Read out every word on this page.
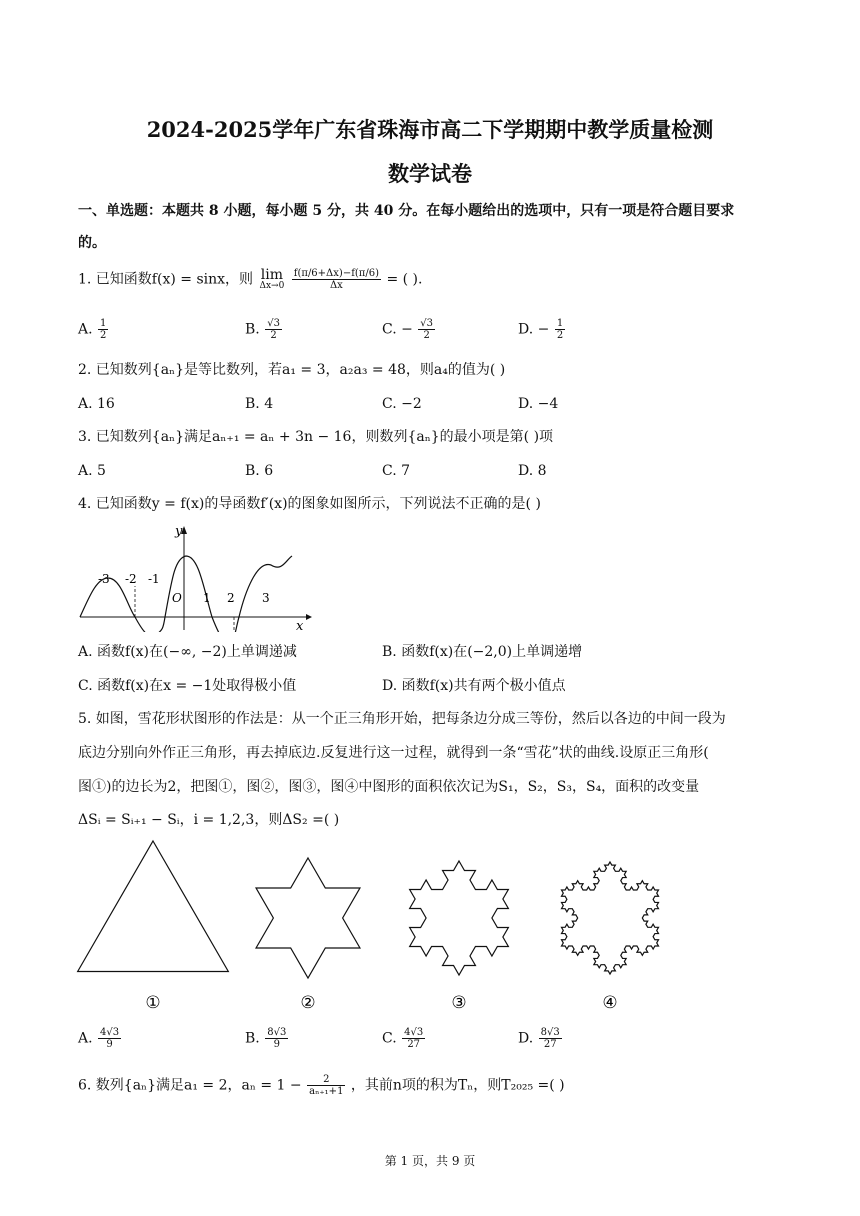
2024-2025学年广东省珠海市高二下学期期中教学质量检测
数学试卷
一、单选题：本题共 8 小题，每小题 5 分，共 40 分。在每小题给出的选项中，只有一项是符合题目要求
的。
1. 已知函数f(x) = sinx，则 lim
Δx→0
$\frac{f(\pi/6+\Delta x)-f(\pi/6)}{\Delta x}$ = ( ).
A. $\frac{1}{2}$	B. $\frac{√3}{2}$	C. − $\frac{√3}{2}$	D. − $\frac{1}{2}$
2. 已知数列{aₙ}是等比数列，若a₁ = 3，a₂a₃ = 48，则a₄的值为( )
A. 16	B. 4	C. −2	D. −4
3. 已知数列{aₙ}满足aₙ₊₁ = aₙ + 3n − 16，则数列{aₙ}的最小项是第( )项
A. 5	B. 6	C. 7	D. 8
4. 已知函数y = f(x)的导函数f′(x)的图象如图所示，下列说法不正确的是( )
y
x
O
-3 -2 -1
1 2 3
A. 函数f(x)在(−∞, −2)上单调递减	B. 函数f(x)在(−2,0)上单调递增
C. 函数f(x)在x = −1处取得极小值	D. 函数f(x)共有两个极小值点
5. 如图，雪花形状图形的作法是：从一个正三角形开始，把每条边分成三等份，然后以各边的中间一段为
底边分别向外作正三角形，再去掉底边.反复进行这一过程，就得到一条“雪花”状的曲线.设原正三角形(
图①)的边长为2，把图①，图②，图③，图④中图形的面积依次记为S₁，S₂，S₃，S₄，面积的改变量
ΔSᵢ = Sᵢ₊₁ − Sᵢ，i = 1,2,3，则ΔS₂ =( )
①	②	③	④
A. $\frac{4√3}{9}$	B. $\frac{8√3}{9}$	C. $\frac{4√3}{27}$	D. $\frac{8√3}{27}$
6. 数列{aₙ}满足a₁ = 2，$a_n = 1 - \frac{2}{\text{aₙ₊₁+1}}$ ，其前n项的积为Tₙ，则T₂₀₂₅ =( )
第 1 页，共 9 页
